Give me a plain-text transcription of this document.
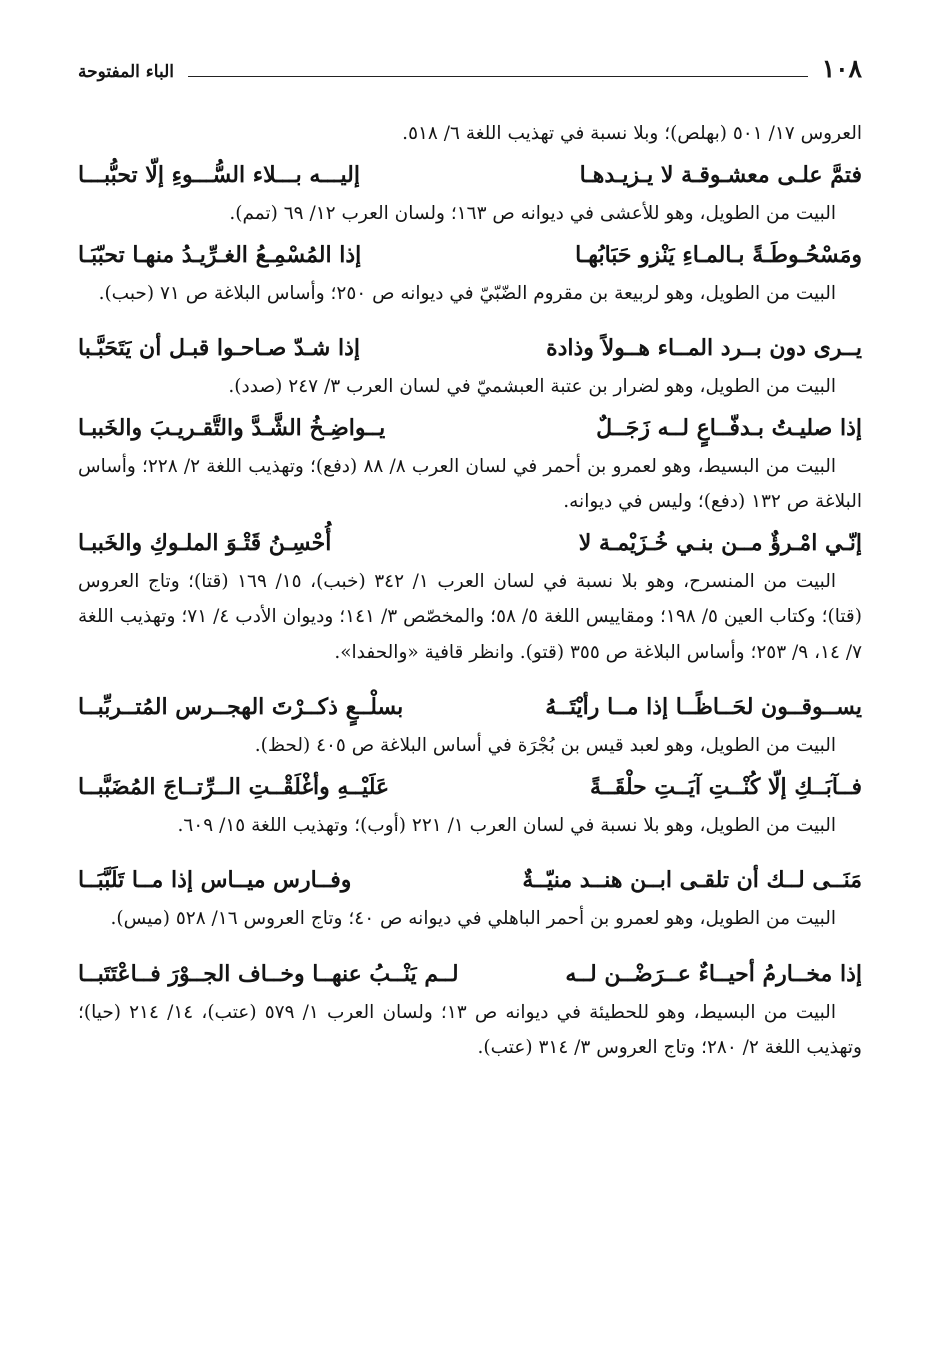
١٠٨
الباء المفتوحة
العروس ١٧/ ٥٠١ (بهلص)؛ وبلا نسبة في تهذيب اللغة ٦/ ٥١٨.
فتمَّ علـى معشـوقـة لا يـزيـدهـا
إليـــه بـــلاء السُّـــوءِ إلّا تحبُّبـــا
البيت من الطويل، وهو للأعشى في ديوانه ص ١٦٣؛ ولسان العرب ١٢/ ٦٩ (تمم).
ومَسْحُـوطَـةً بـالمـاءِ يَنْزو حَبَابُهـا
إذا المُسْمِـعُ الغـرِّيـدُ منهـا تحبّبَـا
البيت من الطويل، وهو لربيعة بن مقروم الضّبّيّ في ديوانه ص ٢٥٠؛ وأساس البلاغة ص ٧١ (حبب).
يــرى دون بــرد المــاء هــولاً وذادة
إذا شـدّ صـاحـوا قبـل أن يَتَحَبَّـبا
البيت من الطويل، وهو لضرار بن عتبة العبشميّ في لسان العرب ٣/ ٢٤٧ (صدد).
إذا صليـتُ بـدفّــاعٍ لــه زَجَــلٌ
يــواضِـخُ الشَّـدَّ والتَّقـريـبَ والخَببـا
البيت من البسيط، وهو لعمرو بن أحمر في لسان العرب ٨/ ٨٨ (دفع)؛ وتهذيب اللغة ٢/ ٢٢٨؛ وأساس البلاغة ص ١٣٢ (دفع)؛ وليس في ديوانه.
إنّـي امْـرؤٌ مــن بنـي خُـزَيْمـة لا
أُحْسِـنُ قَتْـوَ الملـوكِ والخَببـا
البيت من المنسرح، وهو بلا نسبة في لسان العرب ١/ ٣٤٢ (خبب)، ١٥/ ١٦٩ (قتا)؛ وتاج العروس (قتا)؛ وكتاب العين ٥/ ١٩٨؛ ومقاييس اللغة ٥/ ٥٨؛ والمخصّص ٣/ ١٤١؛ وديوان الأدب ٤/ ٧١؛ وتهذيب اللغة ٧/ ١٤، ٩/ ٢٥٣؛ وأساس البلاغة ص ٣٥٥ (قتو). وانظر قافية «والحفدا».
يســوقــون لحَــاظًــا إذا مــا رأيْتَــهُ
بسلْــعٍ ذكــرْتَ الهجــرس المُتــربِّبــا
البيت من الطويل، وهو لعبد قيس بن بُجْرَة في أساس البلاغة ص ٤٠٥ (لحظ).
فــآبَــكِ إلّا كُنْــتِ آيَــتِ حلْقَــةً
عَلَيْــهِ وأغْلَقْــتِ الــرِّتــاجَ المُضَبَّبــا
البيت من الطويل، وهو بلا نسبة في لسان العرب ١/ ٢٢١ (أوب)؛ وتهذيب اللغة ١٥/ ٦٠٩.
مَنَــى لــك أن تلقـى ابــن هنــد منيّــةٌ
وفــارس ميــاس إذا مــا تَلَبَّبَــا
البيت من الطويل، وهو لعمرو بن أحمر الباهلي في ديوانه ص ٤٠؛ وتاج العروس ١٦/ ٥٢٨ (ميس).
إذا مخــارمُ أحيــاءٌ عــرَضْــن لــه
لــم يَنْــبُ عنهــا وخــاف الجــوْرَ فــاعْتَتَبــا
البيت من البسيط، وهو للحطيئة في ديوانه ص ١٣؛ ولسان العرب ١/ ٥٧٩ (عتب)، ١٤/ ٢١٤ (حيا)؛ وتهذيب اللغة ٢/ ٢٨٠؛ وتاج العروس ٣/ ٣١٤ (عتب).
